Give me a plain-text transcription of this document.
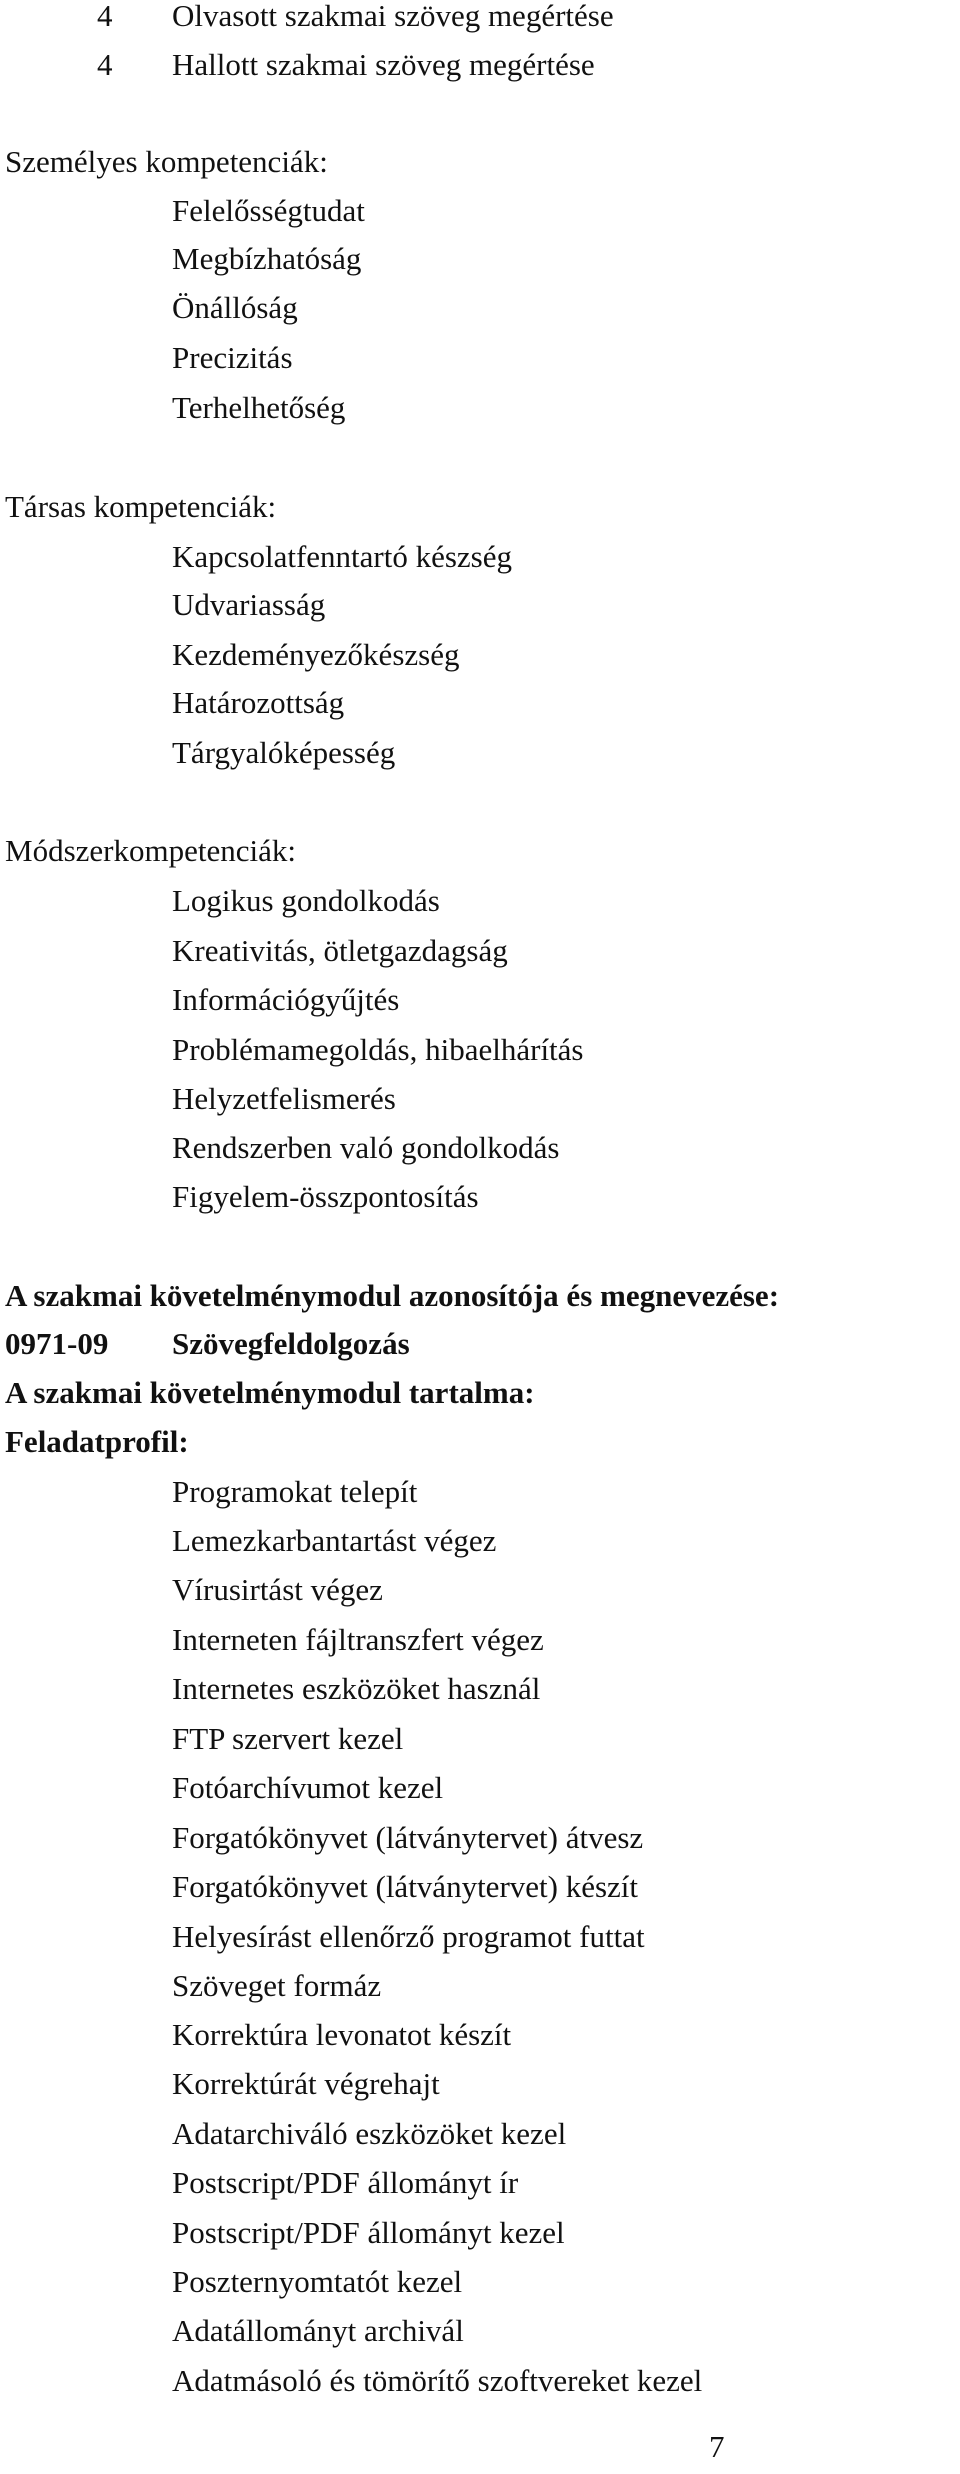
4 Olvasott szakmai szöveg megértése
4 Hallott szakmai szöveg megértése
Személyes kompetenciák:
Felelősségtudat
Megbízhatóság
Önállóság
Precizitás
Terhelhetőség
Társas kompetenciák:
Kapcsolatfenntartó készség
Udvariasság
Kezdeményezőkészség
Határozottság
Tárgyalóképesség
Módszerkompetenciák:
Logikus gondolkodás
Kreativitás, ötletgazdagság
Információgyűjtés
Problémamegoldás, hibaelhárítás
Helyzetfelismerés
Rendszerben való gondolkodás
Figyelem-összpontosítás
A szakmai követelménymodul azonosítója és megnevezése:
0971-09 Szövegfeldolgozás
A szakmai követelménymodul tartalma:
Feladatprofil:
Programokat telepít
Lemezkarbantartást végez
Vírusirtást végez
Interneten fájltranszfert végez
Internetes eszközöket használ
FTP szervert kezel
Fotóarchívumot kezel
Forgatókönyvet (látványtervet) átvesz
Forgatókönyvet (látványtervet) készít
Helyesírást ellenőrző programot futtat
Szöveget formáz
Korrektúra levonatot készít
Korrektúrát végrehajt
Adatarchiváló eszközöket kezel
Postscript/PDF állományt ír
Postscript/PDF állományt kezel
Poszternyomtatót kezel
Adatállományt archivál
Adatmásoló és tömörítő szoftvereket kezel
7
